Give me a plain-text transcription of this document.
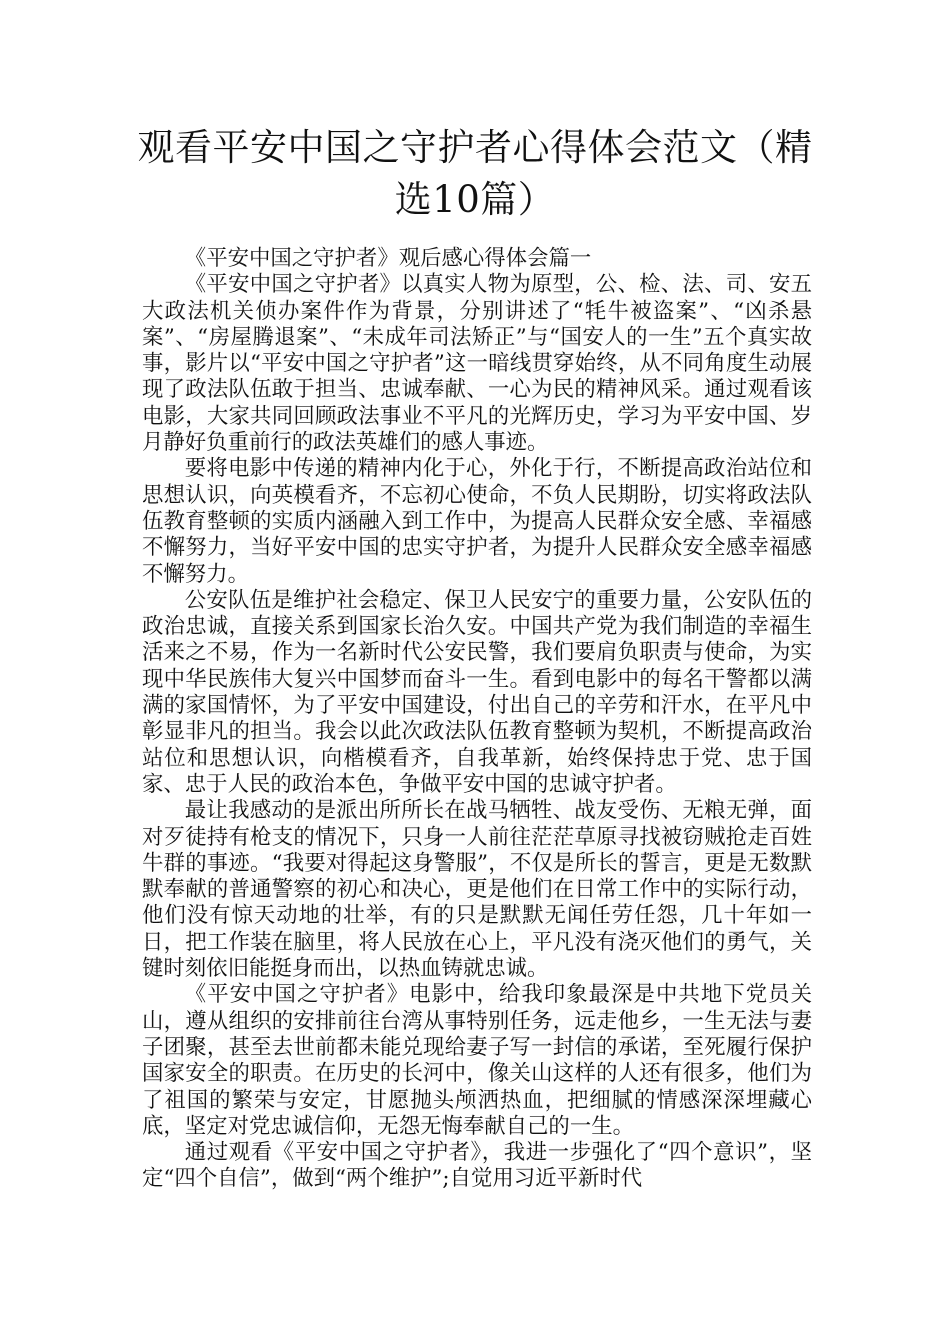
观看平安中国之守护者心得体会范文（精选10篇）

《平安中国之守护者》观后感心得体会篇一

《平安中国之守护者》以真实人物为原型，公、检、法、司、安五大政法机关侦办案件作为背景，分别讲述了“牦牛被盗案”、“凶杀悬案”、“房屋腾退案”、“未成年司法矫正”与“国安人的一生”五个真实故事，影片以“平安中国之守护者”这一暗线贯穿始终，从不同角度生动展现了政法队伍敢于担当、忠诚奉献、一心为民的精神风采。通过观看该电影，大家共同回顾政法事业不平凡的光辉历史，学习为平安中国、岁月静好负重前行的政法英雄们的感人事迹。

要将电影中传递的精神内化于心，外化于行，不断提高政治站位和思想认识，向英模看齐，不忘初心使命，不负人民期盼，切实将政法队伍教育整顿的实质内涵融入到工作中，为提高人民群众安全感、幸福感不懈努力，当好平安中国的忠实守护者，为提升人民群众安全感幸福感不懈努力。

公安队伍是维护社会稳定、保卫人民安宁的重要力量，公安队伍的政治忠诚，直接关系到国家长治久安。中国共产党为我们制造的幸福生活来之不易，作为一名新时代公安民警，我们要肩负职责与使命，为实现中华民族伟大复兴中国梦而奋斗一生。看到电影中的每名干警都以满满的家国情怀，为了平安中国建设，付出自己的辛劳和汗水，在平凡中彰显非凡的担当。我会以此次政法队伍教育整顿为契机，不断提高政治站位和思想认识，向楷模看齐，自我革新，始终保持忠于党、忠于国家、忠于人民的政治本色，争做平安中国的忠诚守护者。

最让我感动的是派出所所长在战马牺牲、战友受伤、无粮无弹，面对歹徒持有枪支的情况下，只身一人前往茫茫草原寻找被窃贼抢走百姓牛群的事迹。“我要对得起这身警服”，不仅是所长的誓言，更是无数默默奉献的普通警察的初心和决心，更是他们在日常工作中的实际行动，他们没有惊天动地的壮举，有的只是默默无闻任劳任怨，几十年如一日，把工作装在脑里，将人民放在心上，平凡没有浇灭他们的勇气，关键时刻依旧能挺身而出，以热血铸就忠诚。

《平安中国之守护者》电影中，给我印象最深是中共地下党员关山，遵从组织的安排前往台湾从事特别任务，远走他乡，一生无法与妻子团聚，甚至去世前都未能兑现给妻子写一封信的承诺，至死履行保护国家安全的职责。在历史的长河中，像关山这样的人还有很多，他们为了祖国的繁荣与安定，甘愿抛头颅洒热血，把细腻的情感深深埋藏心底，坚定对党忠诚信仰，无怨无悔奉献自己的一生。

通过观看《平安中国之守护者》，我进一步强化了“四个意识”，坚定“四个自信”，做到“两个维护”;自觉用习近平新时代
